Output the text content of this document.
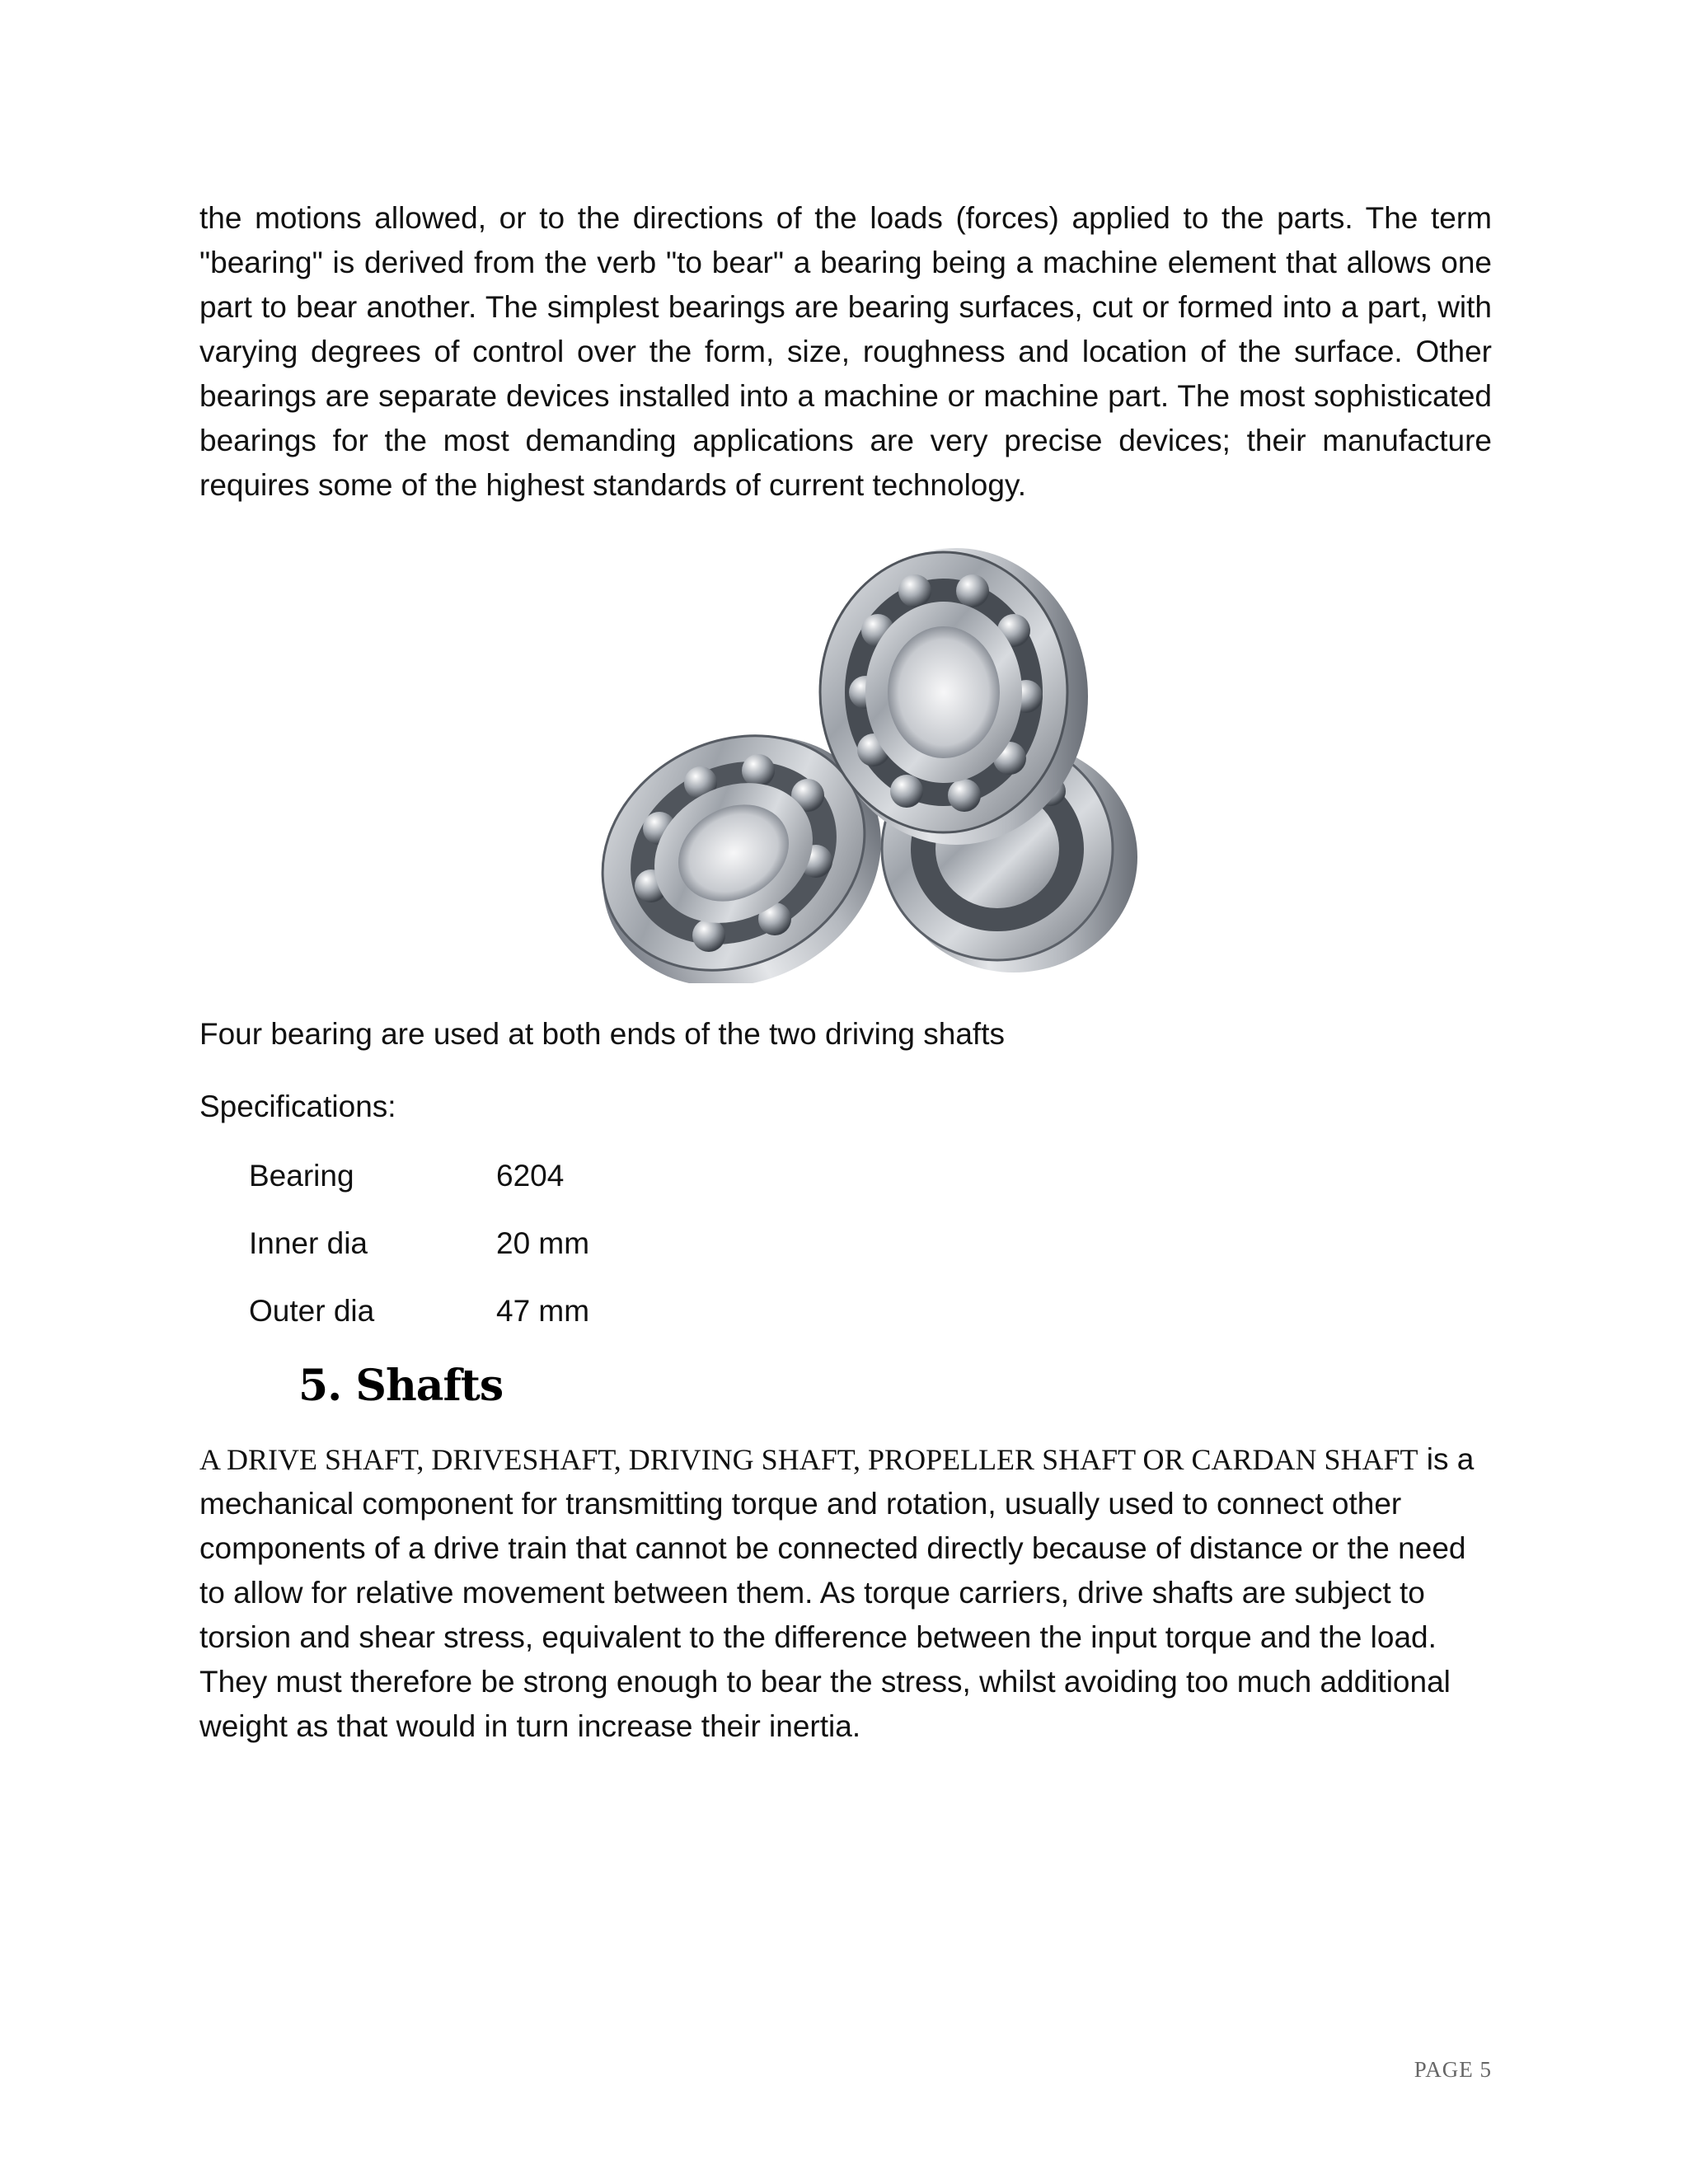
the motions allowed, or to the directions of the loads (forces) applied to the parts. The term "bearing" is derived from the verb "to bear" a bearing being a machine element that allows one part to bear another. The simplest bearings are bearing surfaces, cut or formed into a part, with varying degrees of control over the form, size, roughness and location of the surface. Other bearings are separate devices installed into a machine or machine part. The most sophisticated bearings for the most demanding applications are very precise devices; their manufacture requires some of the highest standards of current technology.

Four bearing are used at both ends of the two driving shafts

Specifications:

Bearing	6204
Inner dia	20 mm
Outer dia	47 mm
5. Shafts

A DRIVE SHAFT, DRIVESHAFT, DRIVING SHAFT, PROPELLER SHAFT OR CARDAN SHAFT is a mechanical component for transmitting torque and rotation, usually used to connect other components of a drive train that cannot be connected directly because of distance or the need to allow for relative movement between them. As torque carriers, drive shafts are subject to torsion and shear stress, equivalent to the difference between the input torque and the load. They must therefore be strong enough to bear the stress, whilst avoiding too much additional weight as that would in turn increase their inertia.

PAGE 5
